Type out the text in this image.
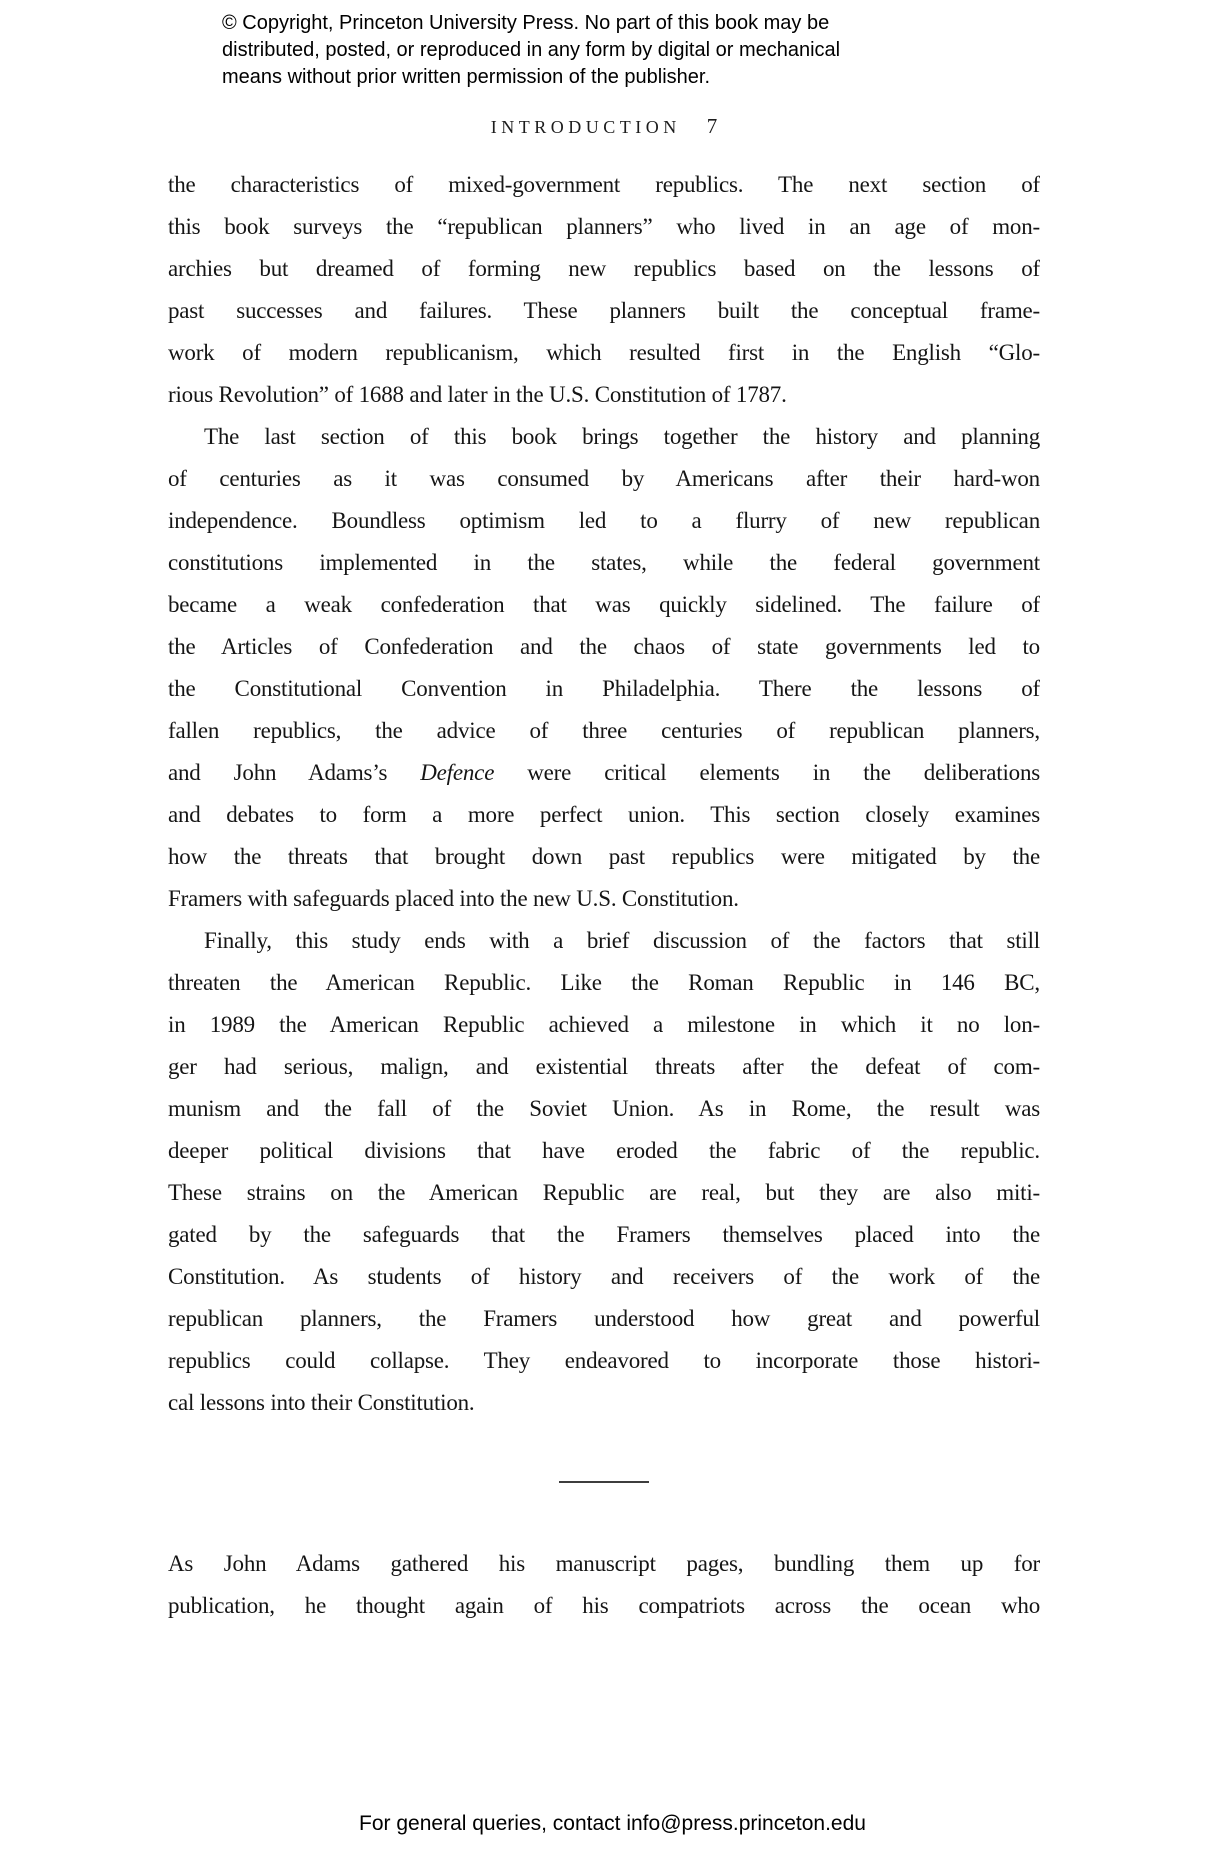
© Copyright, Princeton University Press. No part of this book may be
distributed, posted, or reproduced in any form by digital or mechanical
means without prior written permission of the publisher.
INTRODUCTION 7
the characteristics of mixed-government republics. The next section of
this book surveys the “republican planners” who lived in an age of mon-
archies but dreamed of forming new republics based on the lessons of
past successes and failures. These planners built the conceptual frame-
work of modern republicanism, which resulted first in the English “Glo-
rious Revolution” of 1688 and later in the U.S. Constitution of 1787.
The last section of this book brings together the history and planning
of centuries as it was consumed by Americans after their hard-won
independence. Boundless optimism led to a flurry of new republican
constitutions implemented in the states, while the federal government
became a weak confederation that was quickly sidelined. The failure of
the Articles of Confederation and the chaos of state governments led to
the Constitutional Convention in Philadelphia. There the lessons of
fallen republics, the advice of three centuries of republican planners,
and John Adams’s Defence were critical elements in the deliberations
and debates to form a more perfect union. This section closely examines
how the threats that brought down past republics were mitigated by the
Framers with safeguards placed into the new U.S. Constitution.
Finally, this study ends with a brief discussion of the factors that still
threaten the American Republic. Like the Roman Republic in 146 BC,
in 1989 the American Republic achieved a milestone in which it no lon-
ger had serious, malign, and existential threats after the defeat of com-
munism and the fall of the Soviet Union. As in Rome, the result was
deeper political divisions that have eroded the fabric of the republic.
These strains on the American Republic are real, but they are also miti-
gated by the safeguards that the Framers themselves placed into the
Constitution. As students of history and receivers of the work of the
republican planners, the Framers understood how great and powerful
republics could collapse. They endeavored to incorporate those histori-
cal lessons into their Constitution.
As John Adams gathered his manuscript pages, bundling them up for
publication, he thought again of his compatriots across the ocean who
For general queries, contact info@press.princeton.edu
